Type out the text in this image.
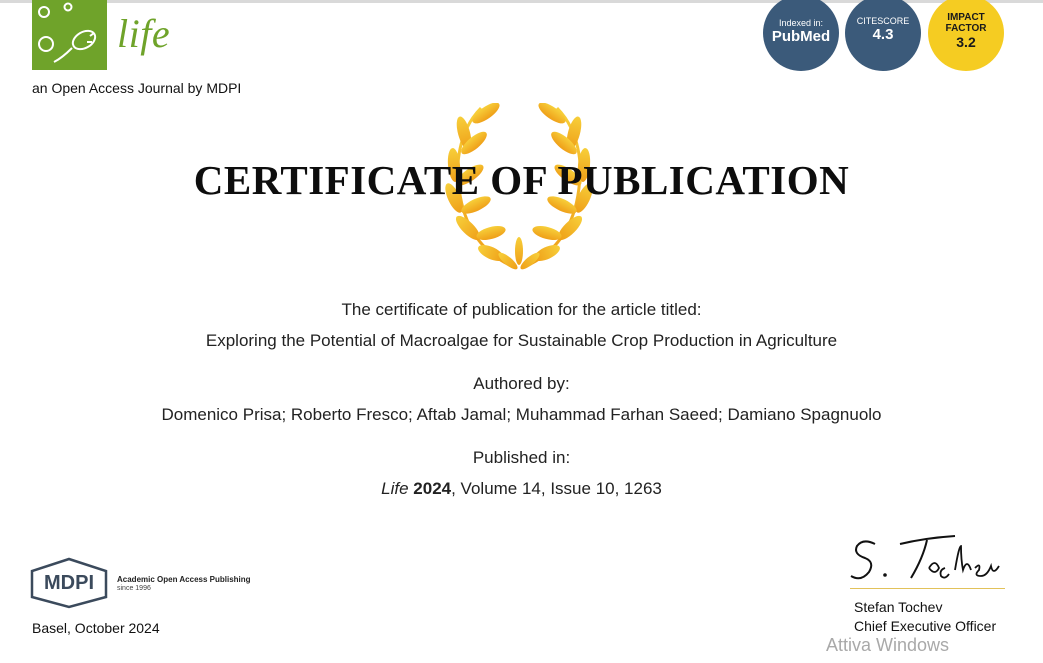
life
an Open Access Journal by MDPI
Indexed in:
PubMed
CITESCORE
4.3
IMPACT
FACTOR
3.2
CERTIFICATE OF PUBLICATION
The certificate of publication for the article titled:
Exploring the Potential of Macroalgae for Sustainable Crop Production in Agriculture
Authored by:
Domenico Prisa; Roberto Fresco; Aftab Jamal; Muhammad Farhan Saeed; Damiano Spagnuolo
Published in:
Life 2024, Volume 14, Issue 10, 1263
MDPI	Academic Open Access Publishing
since 1996
Basel, October 2024
Stefan Tochev
Chief Executive Officer
Attiva Windows
